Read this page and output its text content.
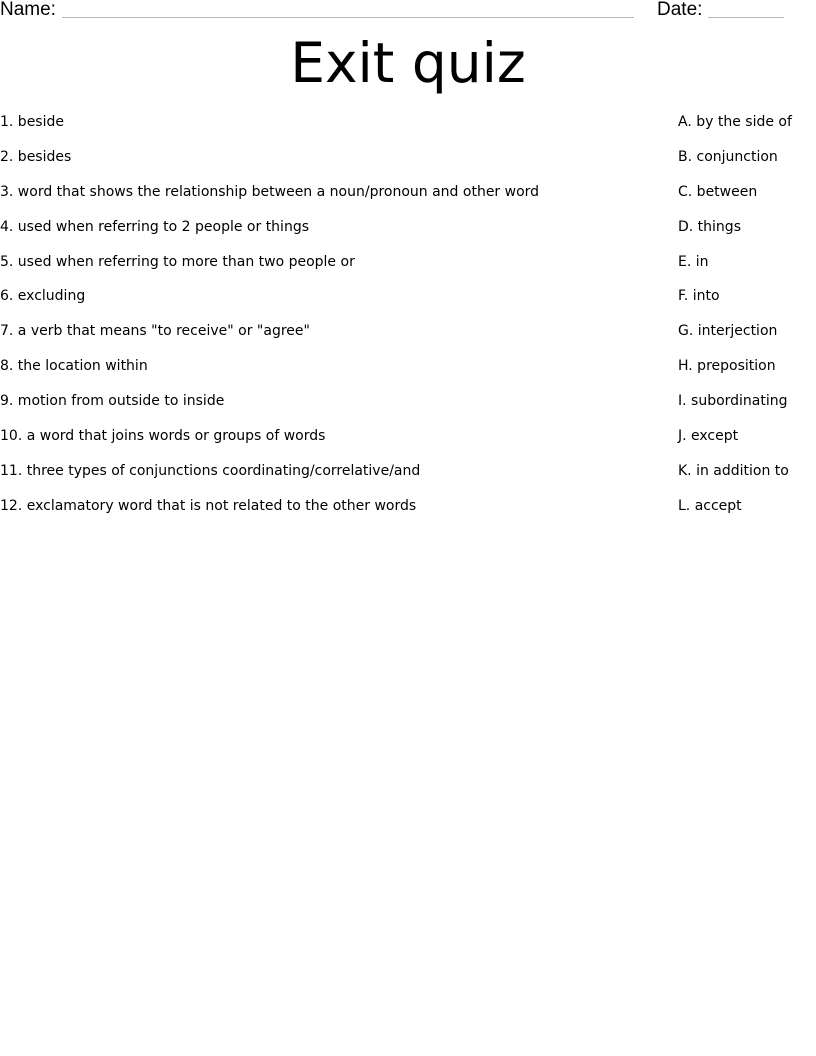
Name:	Date:
Exit quiz
1. beside
2. besides
3. word that shows the relationship between a noun/pronoun and other word
4. used when referring to 2 people or things
5. used when referring to more than two people or
6. excluding
7. a verb that means "to receive" or "agree"
8. the location within
9. motion from outside to inside
10. a word that joins words or groups of words
11. three types of conjunctions coordinating/correlative/and
12. exclamatory word that is not related to the other words
A. by the side of
B. conjunction
C. between
D. things
E. in
F. into
G. interjection
H. preposition
I. subordinating
J. except
K. in addition to
L. accept
